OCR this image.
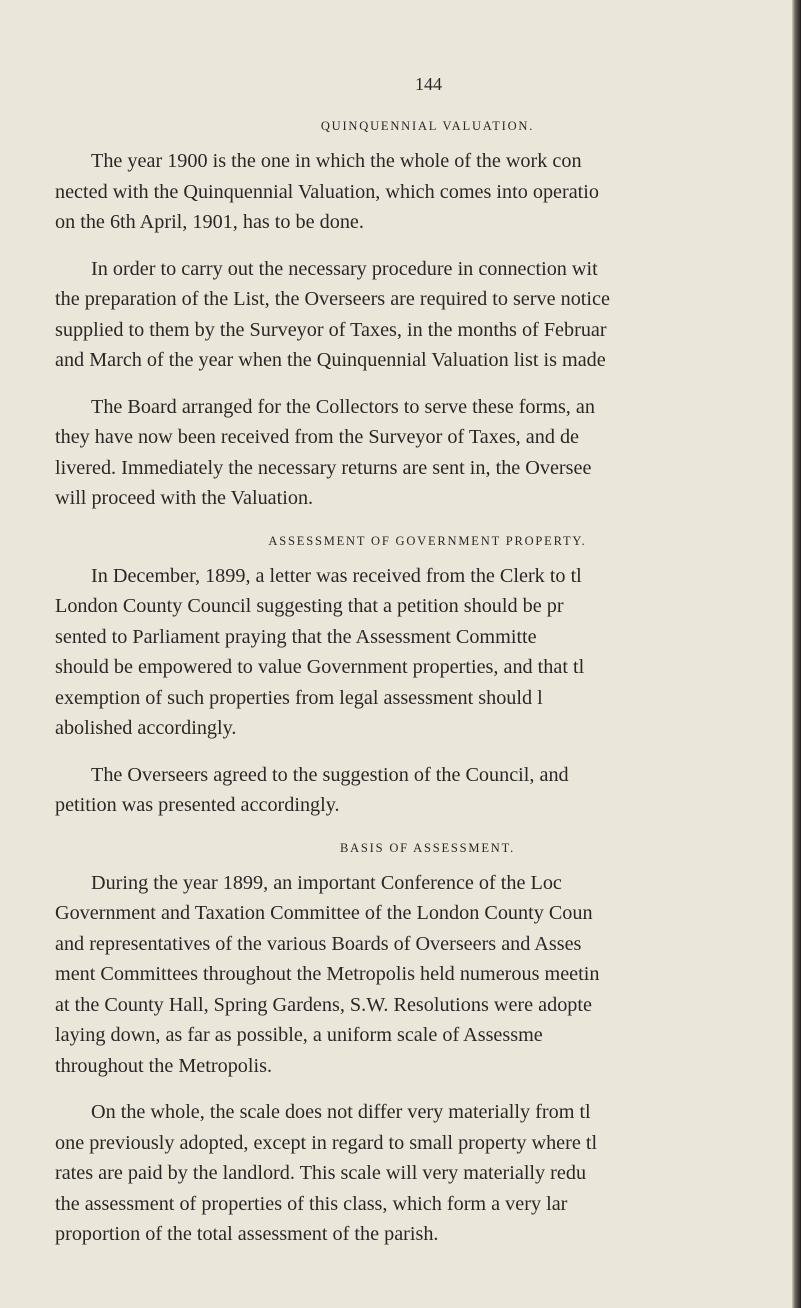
144
QUINQUENNIAL VALUATION.

The year 1900 is the one in which the whole of the work con
nected with the Quinquennial Valuation, which comes into operatio
on the 6th April, 1901, has to be done.

In order to carry out the necessary procedure in connection wit
the preparation of the List, the Overseers are required to serve notice
supplied to them by the Surveyor of Taxes, in the months of Februar
and March of the year when the Quinquennial Valuation list is made

The Board arranged for the Collectors to serve these forms, an
they have now been received from the Surveyor of Taxes, and de
livered. Immediately the necessary returns are sent in, the Oversee
will proceed with the Valuation.

ASSESSMENT OF GOVERNMENT PROPERTY.

In December, 1899, a letter was received from the Clerk to tl
London County Council suggesting that a petition should be pr
sented to Parliament praying that the Assessment Committe
should be empowered to value Government properties, and that tl
exemption of such properties from legal assessment should l
abolished accordingly.

The Overseers agreed to the suggestion of the Council, and
petition was presented accordingly.

BASIS OF ASSESSMENT.

During the year 1899, an important Conference of the Loc
Government and Taxation Committee of the London County Coun
and representatives of the various Boards of Overseers and Asses
ment Committees throughout the Metropolis held numerous meetin
at the County Hall, Spring Gardens, S.W. Resolutions were adopte
laying down, as far as possible, a uniform scale of Assessme
throughout the Metropolis.

On the whole, the scale does not differ very materially from tl
one previously adopted, except in regard to small property where tl
rates are paid by the landlord. This scale will very materially redu
the assessment of properties of this class, which form a very lar
proportion of the total assessment of the parish.
